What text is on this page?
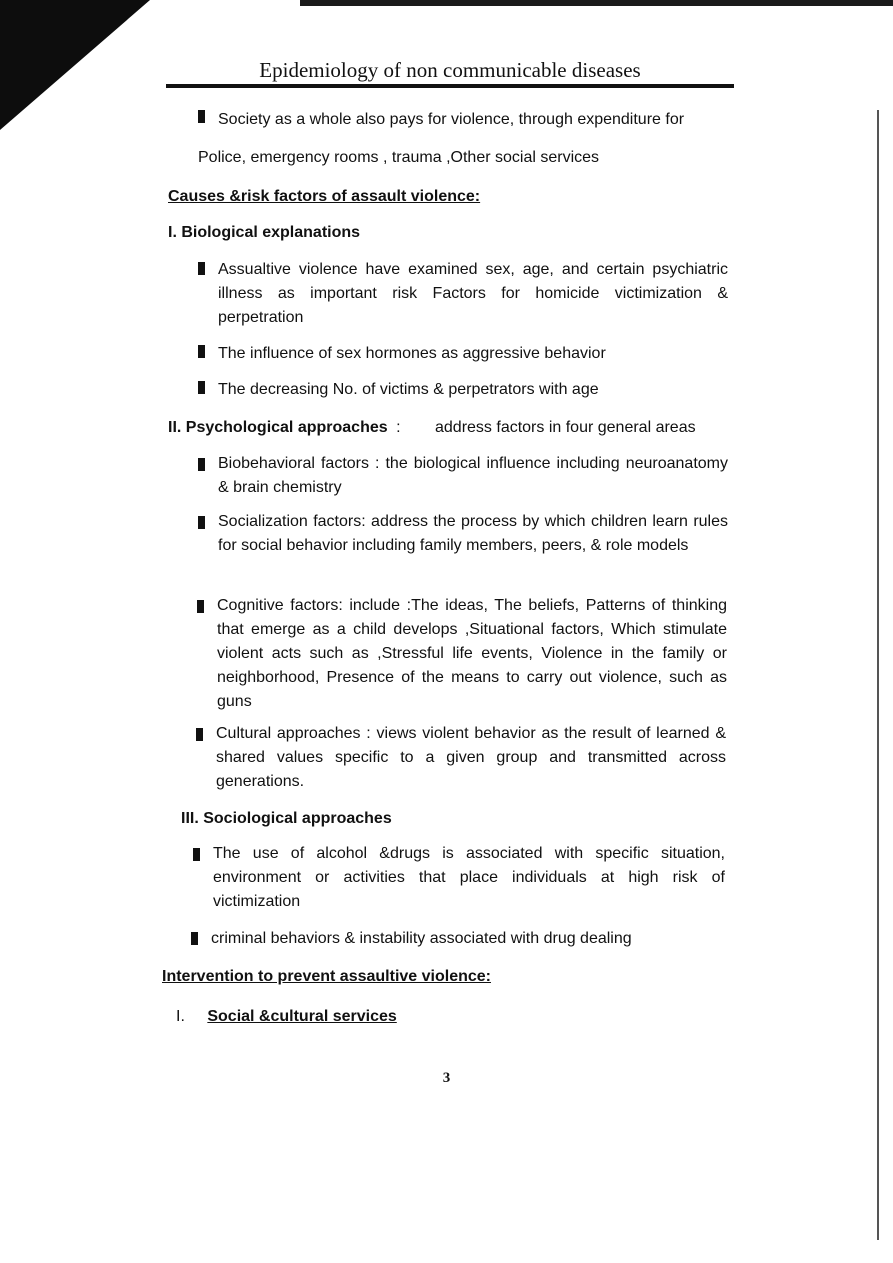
Epidemiology of non communicable diseases
Society as a whole also pays for violence, through expenditure for
Police, emergency rooms , trauma ,Other social services
Causes &risk factors of assault violence:
I. Biological explanations
Assualtive violence have examined sex, age, and certain psychiatric illness as important risk Factors for homicide victimization & perpetration
The influence of sex hormones as aggressive behavior
The decreasing No. of victims & perpetrators with age
II. Psychological approaches : address factors in four general areas
Biobehavioral factors : the biological influence including neuroanatomy & brain chemistry
Socialization factors: address the process by which children learn rules for social behavior including family members, peers, & role models
Cognitive factors: include :The ideas, The beliefs, Patterns of thinking that emerge as a child develops ,Situational factors, Which stimulate violent acts such as ,Stressful life events, Violence in the family or neighborhood, Presence of the means to carry out violence, such as guns
Cultural approaches : views violent behavior as the result of learned & shared values specific to a given group and transmitted across generations.
III. Sociological approaches
The use of alcohol &drugs is associated with specific situation, environment or activities that place individuals at high risk of victimization
criminal behaviors & instability associated with drug dealing
Intervention to prevent assaultive violence:
I. Social &cultural services
3
